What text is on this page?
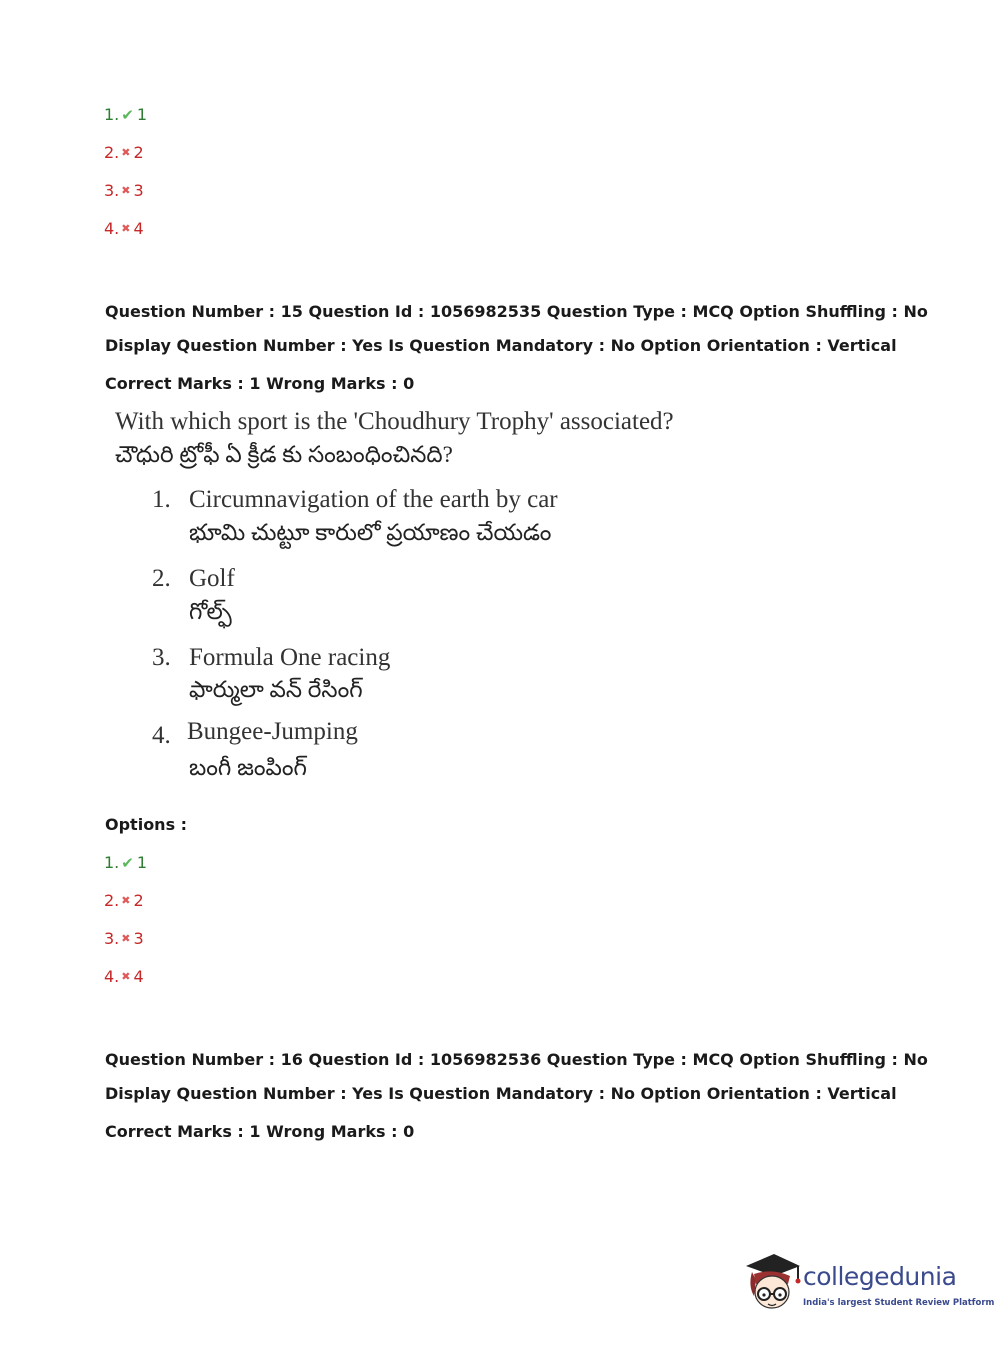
1. ✔ 1
2. ✖ 2
3. ✖ 3
4. ✖ 4
Question Number : 15 Question Id : 1056982535 Question Type : MCQ Option Shuffling : No
Display Question Number : Yes Is Question Mandatory : No Option Orientation : Vertical
Correct Marks : 1 Wrong Marks : 0
With which sport is the 'Choudhury Trophy' associated?
చౌధురి ట్రోఫీ ఏ క్రీడ కు సంబంధించినది?
1. Circumnavigation of the earth by car
భూమి చుట్టూ కారులో ప్రయాణం చేయడం
2. Golf
గోల్ఫ్
3. Formula One racing
ఫార్ములా వన్ రేసింగ్
4. Bungee-Jumping
బంగీ జంపింగ్
Options :
1. ✔ 1
2. ✖ 2
3. ✖ 3
4. ✖ 4
Question Number : 16 Question Id : 1056982536 Question Type : MCQ Option Shuffling : No
Display Question Number : Yes Is Question Mandatory : No Option Orientation : Vertical
Correct Marks : 1 Wrong Marks : 0
collegedunia
India's largest Student Review Platform
